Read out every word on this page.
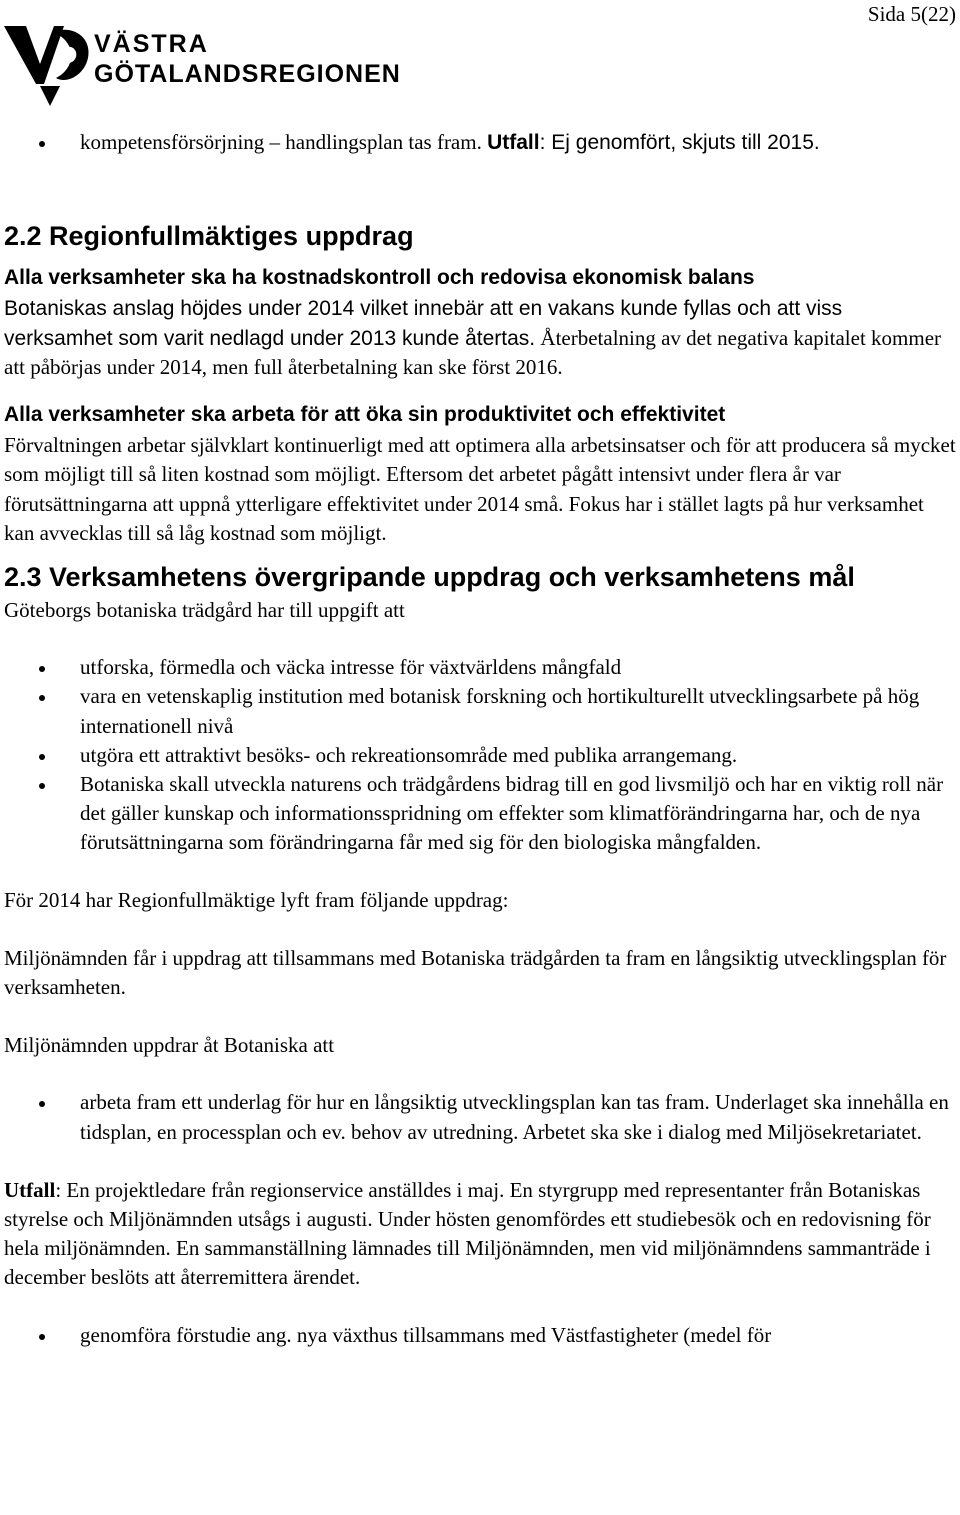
Sida 5(22)
VÄSTRA
GÖTALANDSREGIONEN
kompetensförsörjning – handlingsplan tas fram. Utfall: Ej genomfört, skjuts till 2015.
2.2 Regionfullmäktiges uppdrag
Alla verksamheter ska ha kostnadskontroll och redovisa ekonomisk balans

Botaniskas anslag höjdes under 2014 vilket innebär att en vakans kunde fyllas och att viss verksamhet som varit nedlagd under 2013 kunde återtas. Återbetalning av det negativa kapitalet kommer att påbörjas under 2014, men full återbetalning kan ske först 2016.

Alla verksamheter ska arbeta för att öka sin produktivitet och effektivitet

Förvaltningen arbetar självklart kontinuerligt med att optimera alla arbetsinsatser och för att producera så mycket som möjligt till så liten kostnad som möjligt. Eftersom det arbetet pågått intensivt under flera år var förutsättningarna att uppnå ytterligare effektivitet under 2014 små. Fokus har i stället lagts på hur verksamhet kan avvecklas till så låg kostnad som möjligt.

2.3 Verksamhetens övergripande uppdrag och verksamhetens mål

Göteborgs botaniska trädgård har till uppgift att

utforska, förmedla och väcka intresse för växtvärldens mångfald
vara en vetenskaplig institution med botanisk forskning och hortikulturellt utvecklingsarbete på hög internationell nivå
utgöra ett attraktivt besöks- och rekreationsområde med publika arrangemang.
Botaniska skall utveckla naturens och trädgårdens bidrag till en god livsmiljö och har en viktig roll när det gäller kunskap och informationsspridning om effekter som klimatförändringarna har, och de nya förutsättningarna som förändringarna får med sig för den biologiska mångfalden.

För 2014 har Regionfullmäktige lyft fram följande uppdrag:

Miljönämnden får i uppdrag att tillsammans med Botaniska trädgården ta fram en långsiktig utvecklingsplan för verksamheten.

Miljönämnden uppdrar åt Botaniska att

arbeta fram ett underlag för hur en långsiktig utvecklingsplan kan tas fram. Underlaget ska innehålla en tidsplan, en processplan och ev. behov av utredning. Arbetet ska ske i dialog med Miljösekretariatet.

Utfall: En projektledare från regionservice anställdes i maj. En styrgrupp med representanter från Botaniskas styrelse och Miljönämnden utsågs i augusti. Under hösten genomfördes ett studiebesök och en redovisning för hela miljönämnden. En sammanställning lämnades till Miljönämnden, men vid miljönämndens sammanträde i december beslöts att återremittera ärendet.

genomföra förstudie ang. nya växthus tillsammans med Västfastigheter (medel för
